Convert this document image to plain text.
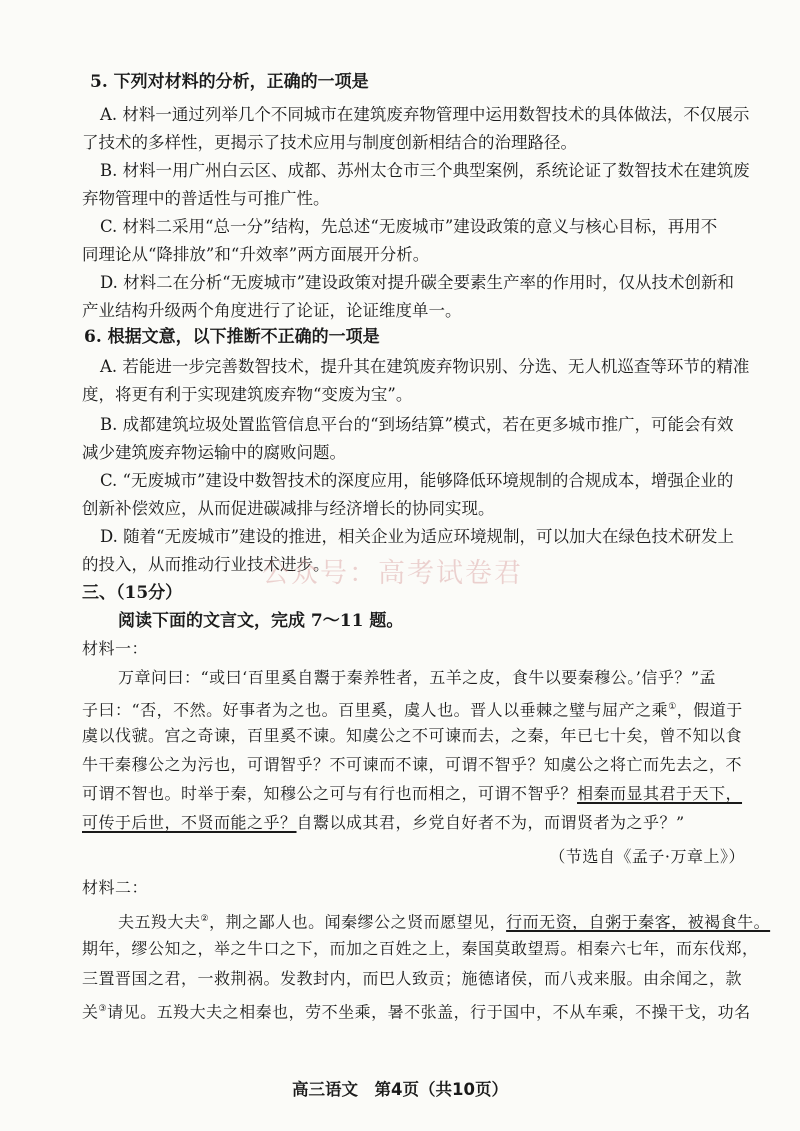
5. 下列对材料的分析，正确的一项是
A. 材料一通过列举几个不同城市在建筑废弃物管理中运用数智技术的具体做法，不仅展示
了技术的多样性，更揭示了技术应用与制度创新相结合的治理路径。
B. 材料一用广州白云区、成都、苏州太仓市三个典型案例，系统论证了数智技术在建筑废
弃物管理中的普适性与可推广性。
C. 材料二采用“总一分”结构，先总述“无废城市”建设政策的意义与核心目标，再用不
同理论从“降排放”和“升效率”两方面展开分析。
D. 材料二在分析“无废城市”建设政策对提升碳全要素生产率的作用时，仅从技术创新和
产业结构升级两个角度进行了论证，论证维度单一。
6. 根据文意，以下推断不正确的一项是
A. 若能进一步完善数智技术，提升其在建筑废弃物识别、分选、无人机巡查等环节的精准
度，将更有利于实现建筑废弃物“变废为宝”。
B. 成都建筑垃圾处置监管信息平台的“到场结算”模式，若在更多城市推广，可能会有效
减少建筑废弃物运输中的腐败问题。
C. “无废城市”建设中数智技术的深度应用，能够降低环境规制的合规成本，增强企业的
创新补偿效应，从而促进碳减排与经济增长的协同实现。
D. 随着“无废城市”建设的推进，相关企业为适应环境规制，可以加大在绿色技术研发上
的投入，从而推动行业技术进步。
三、（15分）
阅读下面的文言文，完成 7～11 题。
材料一：
万章问曰：“或曰‘百里奚自鬻于秦养牲者，五羊之皮，食牛以要秦穆公。’信乎？”孟
子曰：“否，不然。好事者为之也。百里奚，虞人也。晋人以垂棘之璧与屈产之乘①，假道于
虞以伐虢。宫之奇谏，百里奚不谏。知虞公之不可谏而去，之秦，年已七十矣，曾不知以食
牛干秦穆公之为污也，可谓智乎？不可谏而不谏，可谓不智乎？知虞公之将亡而先去之，不
可谓不智也。时举于秦，知穆公之可与有行也而相之，可谓不智乎？相秦而显其君于天下，
可传于后世，不贤而能之乎？自鬻以成其君，乡党自好者不为，而谓贤者为之乎？”
（节选自《孟子·万章上》）
材料二：
夫五羖大夫②，荆之鄙人也。闻秦缪公之贤而愿望见，行而无资，自粥于秦客，被褐食牛。
期年，缪公知之，举之牛口之下，而加之百姓之上，秦国莫敢望焉。相秦六七年，而东伐郑，
三置晋国之君，一救荆祸。发教封内，而巴人致贡；施德诸侯，而八戎来服。由余闻之，款
关③请见。五羖大夫之相秦也，劳不坐乘，暑不张盖，行于国中，不从车乘，不操干戈，功名
公众号：高考试卷君
高三语文　第4页（共10页）
